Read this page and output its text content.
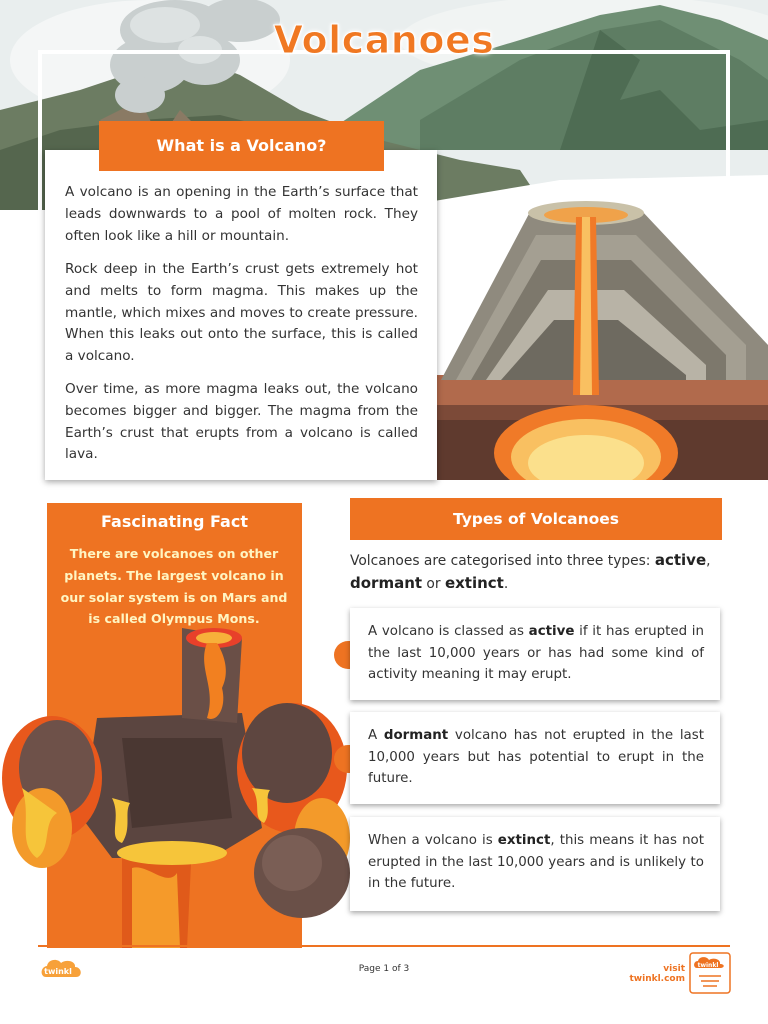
Volcanoes
A volcano is an opening in the Earth’s surface that leads downwards to a pool of molten rock. They often look like a hill or mountain.
Rock deep in the Earth’s crust gets extremely hot and melts to form magma. This makes up the mantle, which mixes and moves to create pressure. When this leaks out onto the surface, this is called a volcano.
Over time, as more magma leaks out, the volcano becomes bigger and bigger. The magma from the Earth’s crust that erupts from a volcano is called lava.
What is a Volcano?
Fascinating Fact
There are volcanoes on other planets. The largest volcano in our solar system is on Mars and is called Olympus Mons.
Types of Volcanoes
Volcanoes are categorised into three types: active,
dormant or extinct.
A volcano is classed as active if it has erupted in the last 10,000 years or has had some kind of activity meaning it may erupt.
A dormant volcano has not erupted in the last 10,000 years but has potential to erupt in the future.
When a volcano is extinct, this means it has not erupted in the last 10,000 years and is unlikely to in the future.
twinkl	Page 1 of 3	visit twinkl.com
twinkl
